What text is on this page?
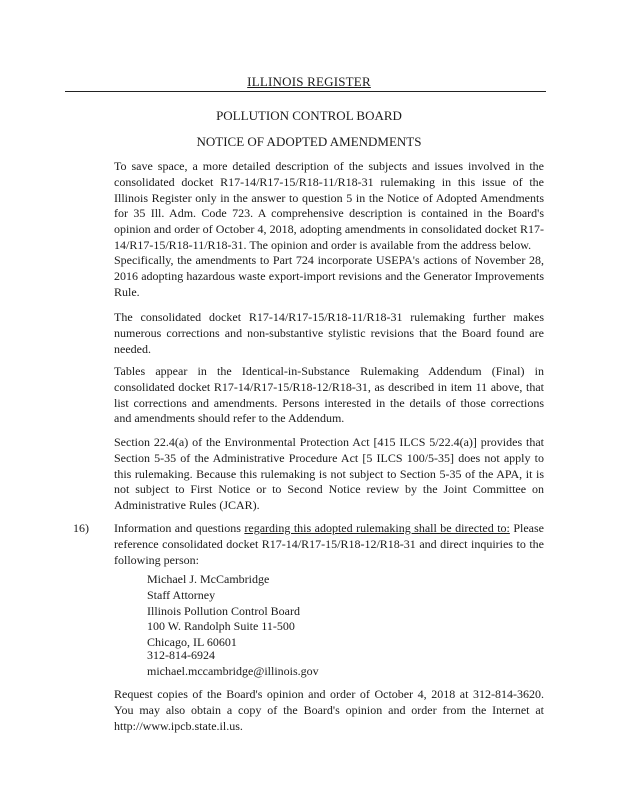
ILLINOIS REGISTER
POLLUTION CONTROL BOARD
NOTICE OF ADOPTED AMENDMENTS
To save space, a more detailed description of the subjects and issues involved in the consolidated docket R17-14/R17-15/R18-11/R18-31 rulemaking in this issue of the Illinois Register only in the answer to question 5 in the Notice of Adopted Amendments for 35 Ill. Adm. Code 723. A comprehensive description is contained in the Board's opinion and order of October 4, 2018, adopting amendments in consolidated docket R17-14/R17-15/R18-11/R18-31. The opinion and order is available from the address below.
Specifically, the amendments to Part 724 incorporate USEPA's actions of November 28, 2016 adopting hazardous waste export-import revisions and the Generator Improvements Rule.
The consolidated docket R17-14/R17-15/R18-11/R18-31 rulemaking further makes numerous corrections and non-substantive stylistic revisions that the Board found are needed.
Tables appear in the Identical-in-Substance Rulemaking Addendum (Final) in consolidated docket R17-14/R17-15/R18-12/R18-31, as described in item 11 above, that list corrections and amendments. Persons interested in the details of those corrections and amendments should refer to the Addendum.
Section 22.4(a) of the Environmental Protection Act [415 ILCS 5/22.4(a)] provides that Section 5-35 of the Administrative Procedure Act [5 ILCS 100/5-35] does not apply to this rulemaking. Because this rulemaking is not subject to Section 5-35 of the APA, it is not subject to First Notice or to Second Notice review by the Joint Committee on Administrative Rules (JCAR).
16) Information and questions regarding this adopted rulemaking shall be directed to: Please reference consolidated docket R17-14/R17-15/R18-12/R18-31 and direct inquiries to the following person:
Michael J. McCambridge
Staff Attorney
Illinois Pollution Control Board
100 W. Randolph Suite 11-500
Chicago, IL 60601
312-814-6924
michael.mccambridge@illinois.gov
Request copies of the Board's opinion and order of October 4, 2018 at 312-814-3620. You may also obtain a copy of the Board's opinion and order from the Internet at http://www.ipcb.state.il.us.
